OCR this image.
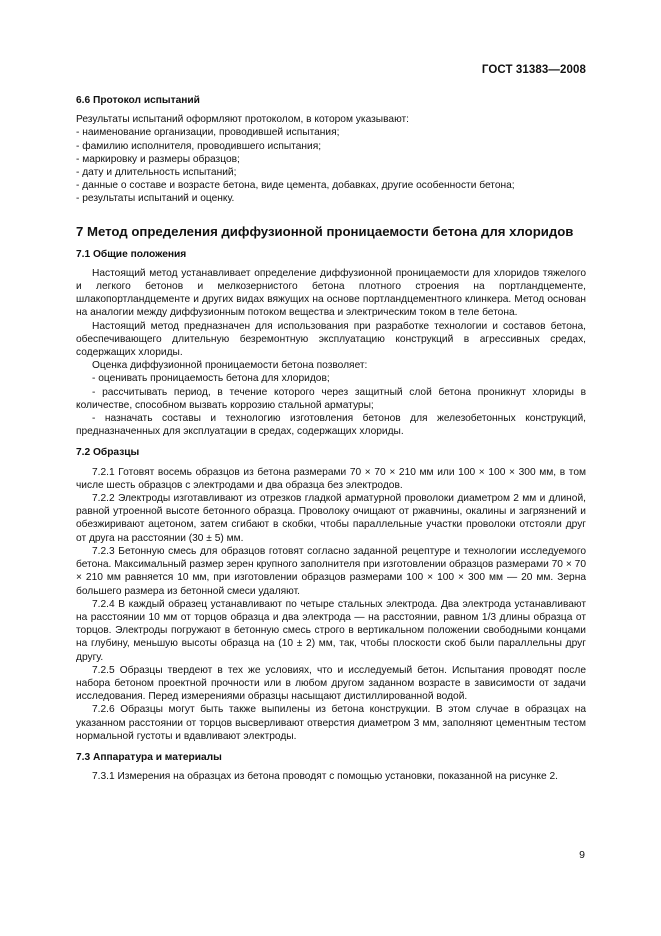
ГОСТ 31383—2008

6.6 Протокол испытаний

Результаты испытаний оформляют протоколом, в котором указывают:

- наименование организации, проводившей испытания;

- фамилию исполнителя, проводившего испытания;

- маркировку и размеры образцов;

- дату и длительность испытаний;

- данные о составе и возрасте бетона, виде цемента, добавках, другие особенности бетона;

- результаты испытаний и оценку.

7 Метод определения диффузионной проницаемости бетона для хлоридов

7.1 Общие положения

Настоящий метод устанавливает определение диффузионной проницаемости для хлоридов тяжелого и легкого бетонов и мелкозернистого бетона плотного строения на портландцементе, шлакопортландцементе и других видах вяжущих на основе портландцементного клинкера. Метод основан на аналогии между диффузионным потоком вещества и электрическим током в теле бетона.

Настоящий метод предназначен для использования при разработке технологии и составов бетона, обеспечивающего длительную безремонтную эксплуатацию конструкций в агрессивных средах, содержащих хлориды.

Оценка диффузионной проницаемости бетона позволяет:

- оценивать проницаемость бетона для хлоридов;

- рассчитывать период, в течение которого через защитный слой бетона проникнут хлориды в количестве, способном вызвать коррозию стальной арматуры;

- назначать составы и технологию изготовления бетонов для железобетонных конструкций, предназначенных для эксплуатации в средах, содержащих хлориды.

7.2 Образцы

7.2.1 Готовят восемь образцов из бетона размерами 70 × 70 × 210 мм или 100 × 100 × 300 мм, в том числе шесть образцов с электродами и два образца без электродов.

7.2.2 Электроды изготавливают из отрезков гладкой арматурной проволоки диаметром 2 мм и длиной, равной утроенной высоте бетонного образца. Проволоку очищают от ржавчины, окалины и загрязнений и обезжиривают ацетоном, затем сгибают в скобки, чтобы параллельные участки проволоки отстояли друг от друга на расстоянии (30 ± 5) мм.

7.2.3 Бетонную смесь для образцов готовят согласно заданной рецептуре и технологии исследуемого бетона. Максимальный размер зерен крупного заполнителя при изготовлении образцов размерами 70 × 70 × 210 мм равняется 10 мм, при изготовлении образцов размерами 100 × 100 × 300 мм — 20 мм. Зерна большего размера из бетонной смеси удаляют.

7.2.4 В каждый образец устанавливают по четыре стальных электрода. Два электрода устанавливают на расстоянии 10 мм от торцов образца и два электрода — на расстоянии, равном 1/3 длины образца от торцов. Электроды погружают в бетонную смесь строго в вертикальном положении свободными концами на глубину, меньшую высоты образца на (10 ± 2) мм, так, чтобы плоскости скоб были параллельны друг другу.

7.2.5 Образцы твердеют в тех же условиях, что и исследуемый бетон. Испытания проводят после набора бетоном проектной прочности или в любом другом заданном возрасте в зависимости от задачи исследования. Перед измерениями образцы насыщают дистиллированной водой.

7.2.6 Образцы могут быть также выпилены из бетона конструкции. В этом случае в образцах на указанном расстоянии от торцов высверливают отверстия диаметром 3 мм, заполняют цементным тестом нормальной густоты и вдавливают электроды.

7.3 Аппаратура и материалы

7.3.1 Измерения на образцах из бетона проводят с помощью установки, показанной на рисунке 2.

9
